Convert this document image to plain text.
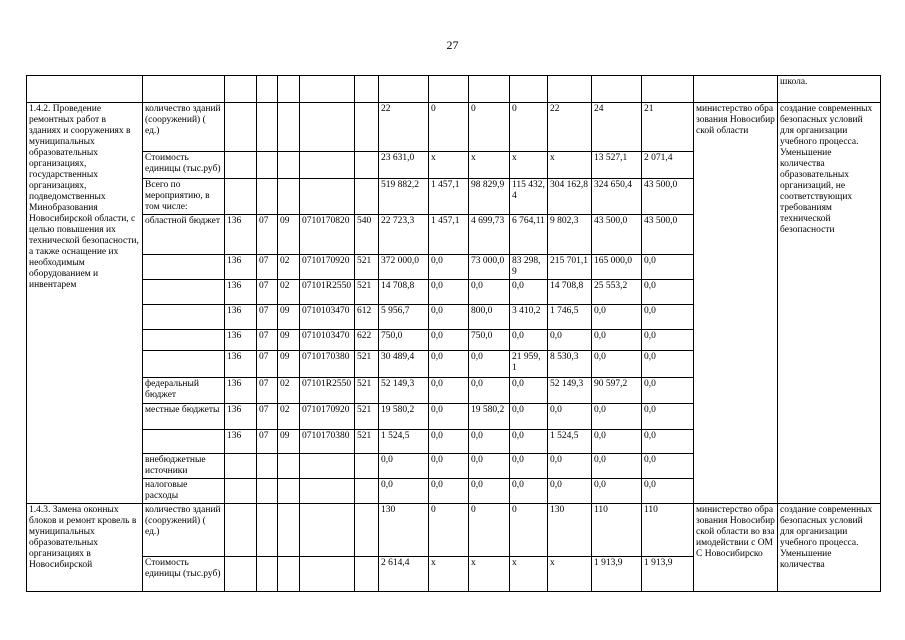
27
															школа.
1.4.2. Проведение ремонтных работ в зданиях и сооружениях в муниципальных образовательных организациях, государственных организациях, подведомственных Минобразования Новосибирской области, с целью повышения их технической безопасности, а также оснащение их необходимым оборудованием и инвентарем	количество зданий (сооружений) ( ед.)						22	0	0	0	22	24	21	министерство образования Новосибирской области	создание современных безопасных условий для организации учебного процесса. Уменьшение количества образовательных организаций, не соответствующих требованиям технической безопасности
	Стоимость единицы (тыс.руб)						23 631,0	х	х	х	х	13 527,1	2 071,4		
	Всего по мероприятию, в том числе:						519 882,2	1 457,1	98 829,9	115 432,4	304 162,8	324 650,4	43 500,0		
	областной бюджет	136	07	09	0710170820	540	22 723,3	1 457,1	4 699,73	6 764,11	9 802,3	43 500,0	43 500,0		
		136	07	02	0710170920	521	372 000,0	0,0	73 000,0	83 298,9	215 701,1	165 000,0	0,0		
		136	07	02	07101R2550	521	14 708,8	0,0	0,0	0,0	14 708,8	25 553,2	0,0		
		136	07	09	0710103470	612	5 956,7	0,0	800,0	3 410,2	1 746,5	0,0	0,0		
		136	07	09	0710103470	622	750,0	0,0	750,0	0,0	0,0	0,0	0,0		
		136	07	09	0710170380	521	30 489,4	0,0	0,0	21 959,1	8 530,3	0,0	0,0		
	федеральный бюджет	136	07	02	07101R2550	521	52 149,3	0,0	0,0	0,0	52 149,3	90 597,2	0,0		
	местные бюджеты	136	07	02	0710170920	521	19 580,2	0,0	19 580,2	0,0	0,0	0,0	0,0		
		136	07	09	0710170380	521	1 524,5	0,0	0,0	0,0	1 524,5	0,0	0,0		
	внебюджетные источники						0,0	0,0	0,0	0,0	0,0	0,0	0,0		
	налоговые расходы						0,0	0,0	0,0	0,0	0,0	0,0	0,0		
1.4.3. Замена оконных блоков и ремонт кровель в муниципальных образовательных организациях в Новосибирской	количество зданий (сооружений) ( ед.)						130	0	0	0	130	110	110	министерство образования Новосибирской области во взаимодействии с ОМС Новосибирско	создание современных безопасных условий для организации учебного процесса. Уменьшение количества
	Стоимость единицы (тыс.руб)						2 614,4	х	х	х	х	1 913,9	1 913,9		
